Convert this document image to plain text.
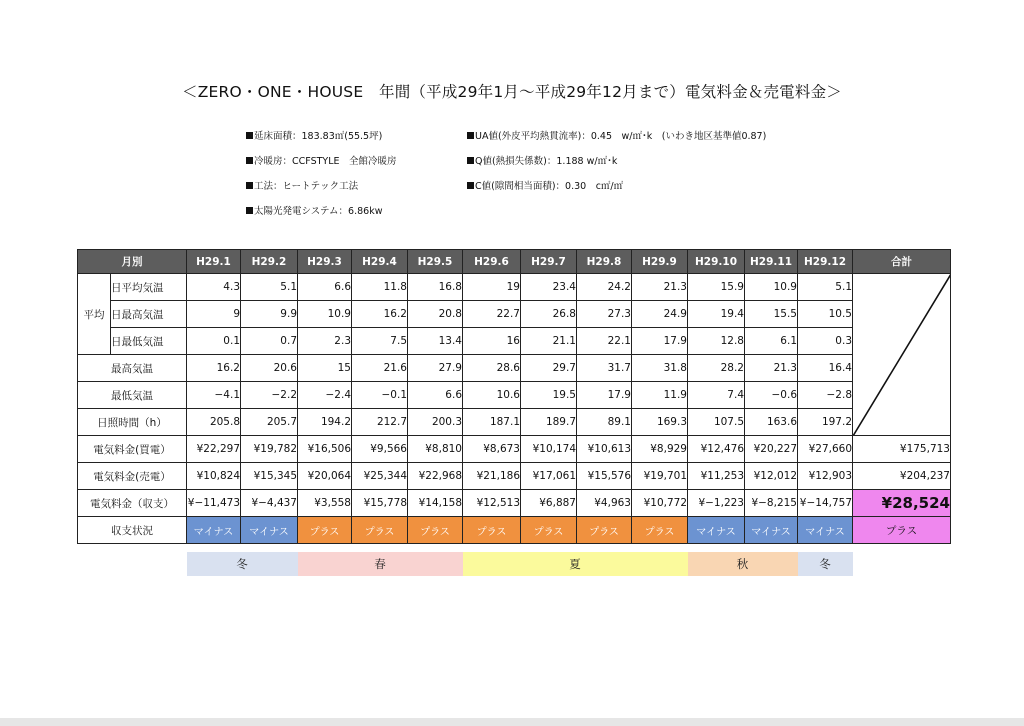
＜ZERO・ONE・HOUSE　年間（平成29年1月～平成29年12月まで）電気料金＆売電料金＞
延床面積：183.83㎡(55.5坪)	UA値(外皮平均熱貫流率)：0.45　w/㎡･k　(いわき地区基準値0.87)
冷暖房：CCFSTYLE　全館冷暖房	Q値(熱損失係数)：1.188 w/㎡･k
工法：ヒートテック工法	C値(隙間相当面積)：0.30　c㎡/㎡
太陽光発電システム：6.86kw
月別		H29.1	H29.2	H29.3	H29.4	H29.5	H29.6	H29.7	H29.8	H29.9	H29.10	H29.11	H29.12	合計
平均	日平均気温	4.3	5.1	6.6	11.8	16.8	19	23.4	24.2	21.3	15.9	10.9	5.1	

	日最高気温	9	9.9	10.9	16.2	20.8	22.7	26.8	27.3	24.9	19.4	15.5	10.5	
	日最低気温	0.1	0.7	2.3	7.5	13.4	16	21.1	22.1	17.9	12.8	6.1	0.3	
最高気温		16.2	20.6	15	21.6	27.9	28.6	29.7	31.7	31.8	28.2	21.3	16.4	
最低気温		−4.1	−2.2	−2.4	−0.1	6.6	10.6	19.5	17.9	11.9	7.4	−0.6	−2.8	
日照時間（h）		205.8	205.7	194.2	212.7	200.3	187.1	189.7	89.1	169.3	107.5	163.6	197.2	
電気料金(買電）		¥22,297	¥19,782	¥16,506	¥9,566	¥8,810	¥8,673	¥10,174	¥10,613	¥8,929	¥12,476	¥20,227	¥27,660	¥175,713
電気料金(売電）		¥10,824	¥15,345	¥20,064	¥25,344	¥22,968	¥21,186	¥17,061	¥15,576	¥19,701	¥11,253	¥12,012	¥12,903	¥204,237
電気料金（収支）		¥−11,473	¥−4,437	¥3,558	¥15,778	¥14,158	¥12,513	¥6,887	¥4,963	¥10,772	¥−1,223	¥−8,215	¥−14,757	¥28,524
収支状況		マイナス	マイナス	プラス	プラス	プラス	プラス	プラス	プラス	プラス	マイナス	マイナス	マイナス	プラス
冬	春	夏	秋	冬
